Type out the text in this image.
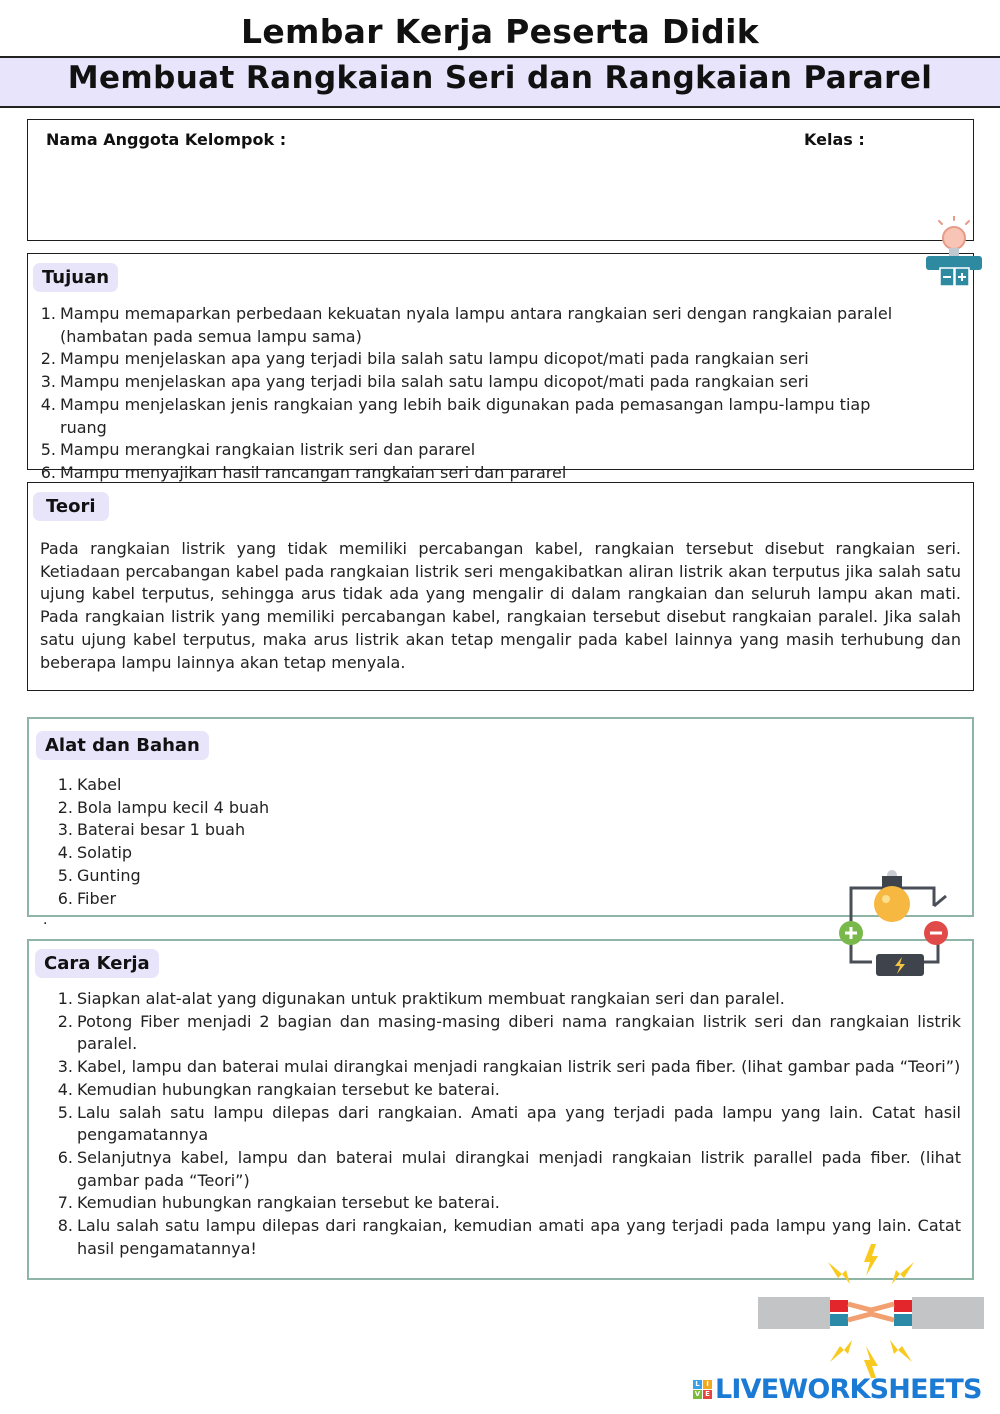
Lembar Kerja Peserta Didik
Membuat Rangkaian Seri dan Rangkaian Pararel
Nama Anggota Kelompok :	Kelas :
Tujuan
1. Mampu memaparkan perbedaan kekuatan nyala lampu antara rangkaian seri dengan rangkaian paralel (hambatan pada semua lampu sama)
2. Mampu menjelaskan apa yang terjadi bila salah satu lampu dicopot/mati pada rangkaian seri
3. Mampu menjelaskan apa yang terjadi bila salah satu lampu dicopot/mati pada rangkaian seri
4. Mampu menjelaskan jenis rangkaian yang lebih baik digunakan pada pemasangan lampu-lampu tiap ruang
5. Mampu merangkai rangkaian listrik seri dan pararel
6. Mampu menyajikan hasil rancangan rangkaian seri dan pararel
Teori
Pada rangkaian listrik yang tidak memiliki percabangan kabel, rangkaian tersebut disebut rangkaian seri. Ketiadaan percabangan kabel pada rangkaian listrik seri mengakibatkan aliran listrik akan terputus jika salah satu ujung kabel terputus, sehingga arus tidak ada yang mengalir di dalam rangkaian dan seluruh lampu akan mati. Pada rangkaian listrik yang memiliki percabangan kabel, rangkaian tersebut disebut rangkaian paralel. Jika salah satu ujung kabel terputus, maka arus listrik akan tetap mengalir pada kabel lainnya yang masih terhubung dan beberapa lampu lainnya akan tetap menyala.
Alat dan Bahan
1. Kabel
2. Bola lampu kecil 4 buah
3. Baterai besar 1 buah
4. Solatip
5. Gunting
6. Fiber
.
Cara Kerja
1. Siapkan alat-alat yang digunakan untuk praktikum membuat rangkaian seri dan paralel.
2. Potong Fiber menjadi 2 bagian dan masing-masing diberi nama rangkaian listrik seri dan rangkaian listrik paralel.
3. Kabel, lampu dan baterai mulai dirangkai menjadi rangkaian listrik seri pada fiber. (lihat gambar pada “Teori”)
4. Kemudian hubungkan rangkaian tersebut ke baterai.
5. Lalu salah satu lampu dilepas dari rangkaian. Amati apa yang terjadi pada lampu yang lain. Catat hasil pengamatannya
6. Selanjutnya kabel, lampu dan baterai mulai dirangkai menjadi rangkaian listrik parallel pada fiber. (lihat gambar pada “Teori”)
7. Kemudian hubungkan rangkaian tersebut ke baterai.
8. Lalu salah satu lampu dilepas dari rangkaian, kemudian amati apa yang terjadi pada lampu yang lain. Catat hasil pengamatannya!
L I
V E LIVEWORKSHEETS
